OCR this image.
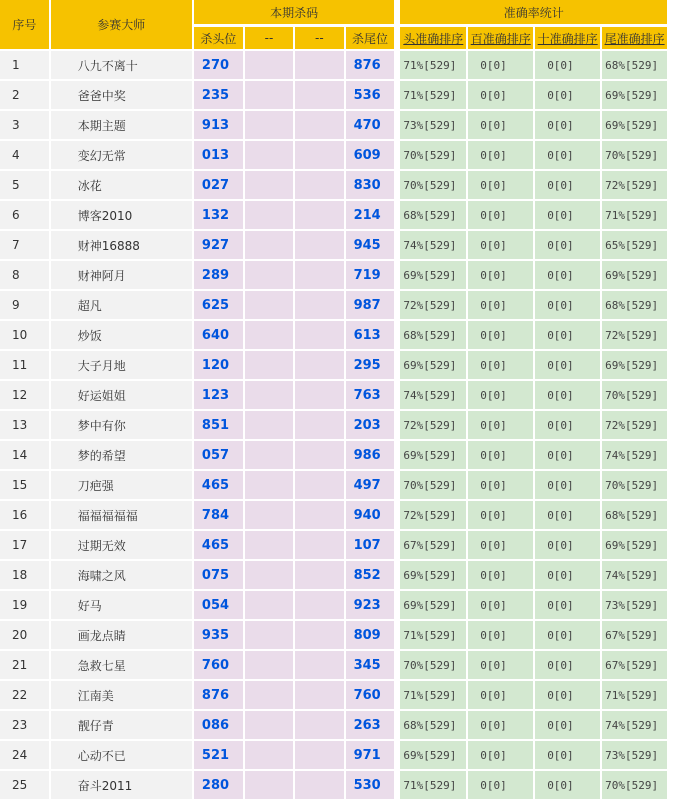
序号	参赛大师	本期杀码					准确率统计				
		杀头位	--	--	杀尾位		头准确排序	百准确排序	十准确排序	尾准确排序	
1	八九不离十	270			876		71%[529]	0[0]	0[0]	68%[529]	
2	爸爸中奖	235			536		71%[529]	0[0]	0[0]	69%[529]	
3	本期主题	913			470		73%[529]	0[0]	0[0]	69%[529]	
4	变幻无常	013			609		70%[529]	0[0]	0[0]	70%[529]	
5	冰花	027			830		70%[529]	0[0]	0[0]	72%[529]	
6	博客2010	132			214		68%[529]	0[0]	0[0]	71%[529]	
7	财神16888	927			945		74%[529]	0[0]	0[0]	65%[529]	
8	财神阿月	289			719		69%[529]	0[0]	0[0]	69%[529]	
9	超凡	625			987		72%[529]	0[0]	0[0]	68%[529]	
10	炒饭	640			613		68%[529]	0[0]	0[0]	72%[529]	
11	大子月地	120			295		69%[529]	0[0]	0[0]	69%[529]	
12	好运姐姐	123			763		74%[529]	0[0]	0[0]	70%[529]	
13	梦中有你	851			203		72%[529]	0[0]	0[0]	72%[529]	
14	梦的希望	057			986		69%[529]	0[0]	0[0]	74%[529]	
15	刀疤强	465			497		70%[529]	0[0]	0[0]	70%[529]	
16	福福福福福	784			940		72%[529]	0[0]	0[0]	68%[529]	
17	过期无效	465			107		67%[529]	0[0]	0[0]	69%[529]	
18	海啸之风	075			852		69%[529]	0[0]	0[0]	74%[529]	
19	好马	054			923		69%[529]	0[0]	0[0]	73%[529]	
20	画龙点睛	935			809		71%[529]	0[0]	0[0]	67%[529]	
21	急救七星	760			345		70%[529]	0[0]	0[0]	67%[529]	
22	江南美	876			760		71%[529]	0[0]	0[0]	71%[529]	
23	靓仔青	086			263		68%[529]	0[0]	0[0]	74%[529]	
24	心动不已	521			971		69%[529]	0[0]	0[0]	73%[529]	
25	奋斗2011	280			530		71%[529]	0[0]	0[0]	70%[529]	
